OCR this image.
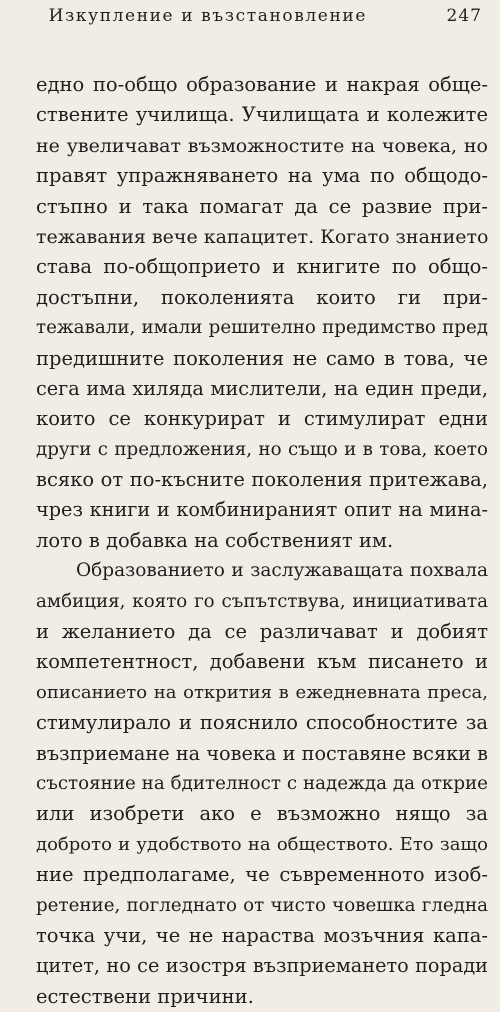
Изкупление и възстановление	247
едно по-общо образование и накрая обще-
ствените училища. Училищата и колежите
не увеличават възможностите на човека, но
правят упражняването на ума по общодо-
стъпно и така помагат да се развие при-
тежавания вече капацитет. Когато знанието
става по-общоприето и книгите по общо-
достъпни, поколенията които ги при-
тежавали, имали решително предимство пред
предишните поколения не само в това, че
сега има хиляда мислители, на един преди,
които се конкурират и стимулират едни
други с предложения, но също и в това, което
всяко от по-късните поколения притежава,
чрез книги и комбинираният опит на мина-
лото в добавка на собственият им.
Образованието и заслужаващата похвала
амбиция, която го съпътствува, инициативата
и желанието да се различават и добият
компетентност, добавени към писането и
описанието на открития в ежедневната преса,
стимулирало и пояснило способностите за
възприемане на човека и поставяне всяки в
състояние на бдителност с надежда да открие
или изобрети ако е възможно нящо за
доброто и удобството на обществото. Ето защо
ние предполагаме, че съвременното изоб-
ретение, погледнато от чисто човешка гледна
точка учи, че не нараства мозъчния капа-
цитет, но се изостря възприемането поради
естествени причини.
